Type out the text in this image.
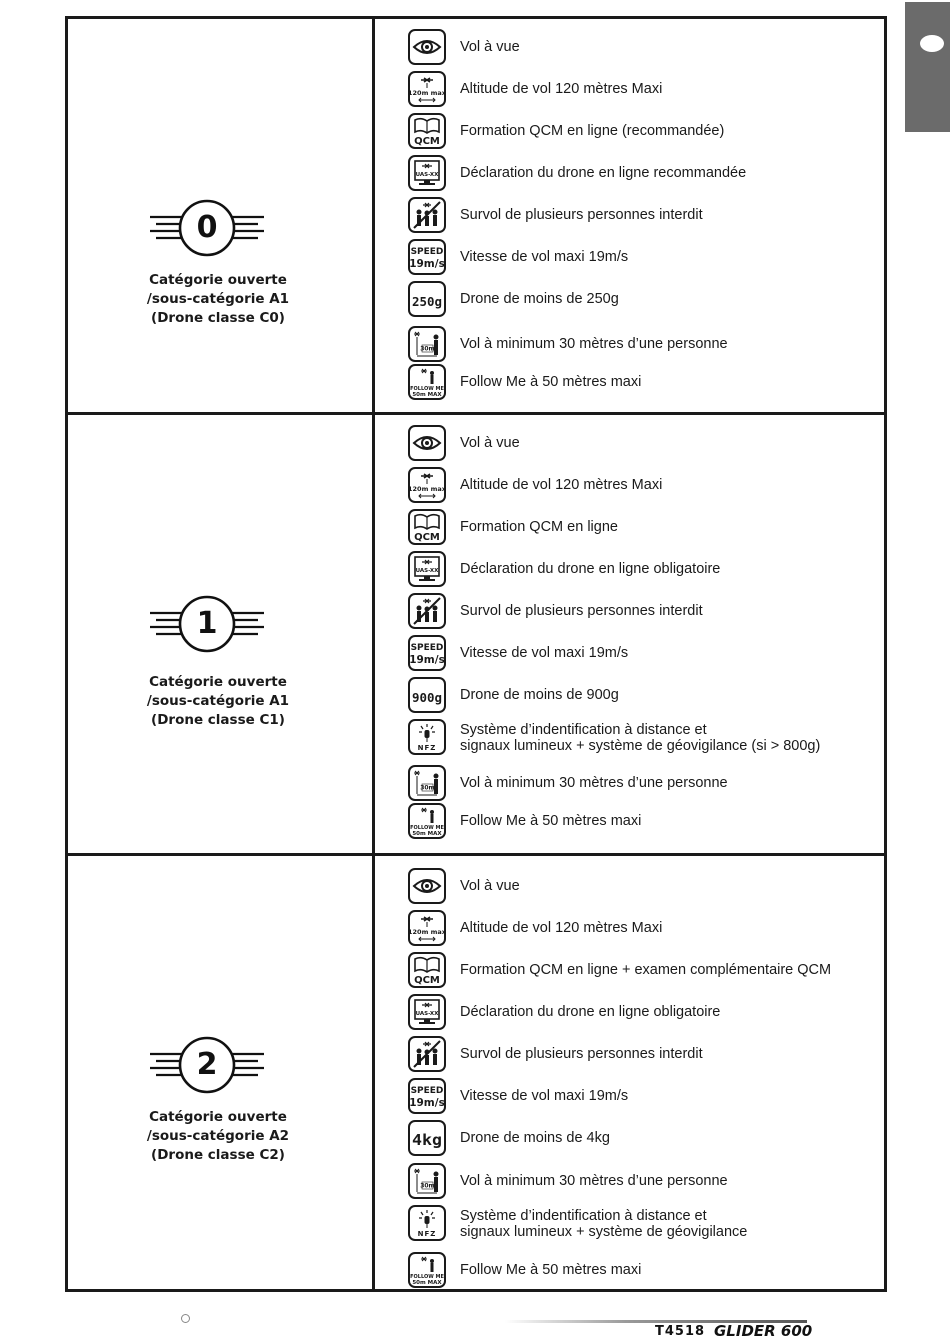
0
Catégorie ouverte
/sous-catégorie A1
(Drone classe C0)
Vol à vue
120m max Altitude de vol 120 mètres Maxi
QCM
Formation QCM en ligne (recommandée)
UAS-XX Déclaration du drone en ligne recommandée
Survol de plusieurs personnes interdit
SPEED
19m/s Vitesse de vol maxi 19m/s
250g Drone de moins de 250g
30m Vol à minimum 30 mètres d’une personne
FOLLOW ME
50m MAX
Follow Me à 50 mètres maxi
1
Catégorie ouverte
/sous-catégorie A1
(Drone classe C1)
Vol à vue
120m max Altitude de vol 120 mètres Maxi
QCM
Formation QCM en ligne
UAS-XX Déclaration du drone en ligne obligatoire
Survol de plusieurs personnes interdit
SPEED
19m/s Vitesse de vol maxi 19m/s
900g Drone de moins de 900g
NFZ
Système d’indentification à distance et
signaux lumineux + système de géovigilance (si > 800g)
30m Vol à minimum 30 mètres d’une personne
FOLLOW ME
50m MAX
Follow Me à 50 mètres maxi
2
Catégorie ouverte
/sous-catégorie A2
(Drone classe C2)
Vol à vue
120m max Altitude de vol 120 mètres Maxi
QCM
Formation QCM en ligne + examen complémentaire QCM
UAS-XX Déclaration du drone en ligne obligatoire
Survol de plusieurs personnes interdit
SPEED
19m/s Vitesse de vol maxi 19m/s
4kg Drone de moins de 4kg
30m Vol à minimum 30 mètres d’une personne
NFZ
Système d’indentification à distance et
signaux lumineux + système de géovigilance
FOLLOW ME
50m MAX
Follow Me à 50 mètres maxi
T4518 GLIDER 600
